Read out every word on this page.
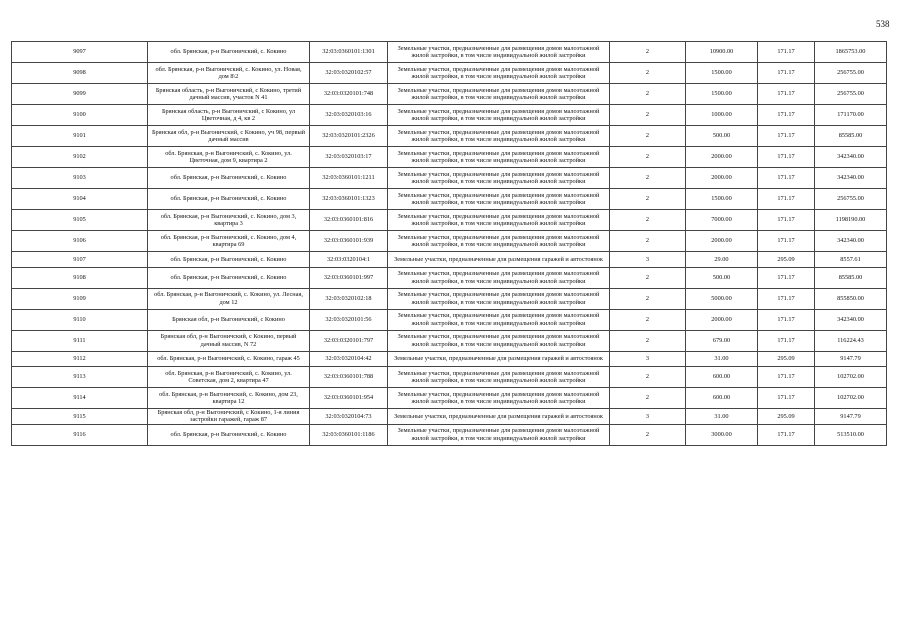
538
9097	обл. Брянская, р-н Выгоничский, с. Кокино	32:03:0360101:1301	Земельные участки, предназначенные для размещения домов малоэтажной жилой застройки, в том числе индивидуальной жилой застройки	2	10900.00	171.17	1865753.00
9098	обл. Брянская, р-н Выгоничский, с. Кокино, ул. Новая, дом 8\2	32:03:0320102:57	Земельные участки, предназначенные для размещения домов малоэтажной жилой застройки, в том числе индивидуальной жилой застройки	2	1500.00	171.17	256755.00
9099	Брянская область, р-н Выгоничский, с Кокино, третий дачный массив, участок N 41	32:03:0320101:748	Земельные участки, предназначенные для размещения домов малоэтажной жилой застройки, в том числе индивидуальной жилой застройки	2	1500.00	171.17	256755.00
9100	Брянская область, р-н Выгоничский, с Кокино, ул Цветочная, д 4, кв 2	32:03:0320103:16	Земельные участки, предназначенные для размещения домов малоэтажной жилой застройки, в том числе индивидуальной жилой застройки	2	1000.00	171.17	171170.00
9101	Брянская обл, р-н Выгоничский, с Кокино, уч 98, первый дачный массив	32:03:0320101:2326	Земельные участки, предназначенные для размещения домов малоэтажной жилой застройки, в том числе индивидуальной жилой застройки	2	500.00	171.17	85585.00
9102	обл. Брянская, р-н Выгоничский, с. Кокино, ул. Цветочная, дом 9, квартира 2	32:03:0320103:17	Земельные участки, предназначенные для размещения домов малоэтажной жилой застройки, в том числе индивидуальной жилой застройки	2	2000.00	171.17	342340.00
9103	обл. Брянская, р-н Выгоничский, с. Кокино	32:03:0360101:1211	Земельные участки, предназначенные для размещения домов малоэтажной жилой застройки, в том числе индивидуальной жилой застройки	2	2000.00	171.17	342340.00
9104	обл. Брянская, р-н Выгоничский, с. Кокино	32:03:0360101:1323	Земельные участки, предназначенные для размещения домов малоэтажной жилой застройки, в том числе индивидуальной жилой застройки	2	1500.00	171.17	256755.00
9105	обл. Брянская, р-н Выгоничский, с. Кокино, дом 3, квартира 3	32:03:0360101:816	Земельные участки, предназначенные для размещения домов малоэтажной жилой застройки, в том числе индивидуальной жилой застройки	2	7000.00	171.17	1198190.00
9106	обл. Брянская, р-н Выгоничский, с. Кокино, дом 4, квартира 69	32:03:0360101:939	Земельные участки, предназначенные для размещения домов малоэтажной жилой застройки, в том числе индивидуальной жилой застройки	2	2000.00	171.17	342340.00
9107	обл. Брянская, р-н Выгоничский, с. Кокино	32:03:0320104:1	Земельные участки, предназначенные для размещения гаражей и автостоянок	3	29.00	295.09	8557.61
9108	обл. Брянская, р-н Выгоничский, с. Кокино	32:03:0360101:997	Земельные участки, предназначенные для размещения домов малоэтажной жилой застройки, в том числе индивидуальной жилой застройки	2	500.00	171.17	85585.00
9109	обл. Брянская, р-н Выгоничский, с. Кокино, ул. Лесная, дом 12	32:03:0320102:18	Земельные участки, предназначенные для размещения домов малоэтажной жилой застройки, в том числе индивидуальной жилой застройки	2	5000.00	171.17	855850.00
9110	Брянская обл, р-н Выгоничский, с Кокино	32:03:0320101:56	Земельные участки, предназначенные для размещения домов малоэтажной жилой застройки, в том числе индивидуальной жилой застройки	2	2000.00	171.17	342340.00
9111	Брянская обл, р-н Выгоничский, с Кокино, первый дачный массив, N 72	32:03:0320101:797	Земельные участки, предназначенные для размещения домов малоэтажной жилой застройки, в том числе индивидуальной жилой застройки	2	679.00	171.17	116224.43
9112	обл. Брянская, р-н Выгоничский, с. Кокино, гараж 45	32:03:0320104:42	Земельные участки, предназначенные для размещения гаражей и автостоянок	3	31.00	295.09	9147.79
9113	обл. Брянская, р-н Выгоничский, с. Кокино, ул. Советская, дом 2, квартира 47	32:03:0360101:788	Земельные участки, предназначенные для размещения домов малоэтажной жилой застройки, в том числе индивидуальной жилой застройки	2	600.00	171.17	102702.00
9114	обл. Брянская, р-н Выгоничский, с. Кокино, дом 23, квартира 12	32:03:0360101:954	Земельные участки, предназначенные для размещения домов малоэтажной жилой застройки, в том числе индивидуальной жилой застройки	2	600.00	171.17	102702.00
9115	Брянская обл, р-н Выгоничский, с Кокино, 1-я линия застройки гаражей, гараж 87	32:03:0320104:73	Земельные участки, предназначенные для размещения гаражей и автостоянок	3	31.00	295.09	9147.79
9116	обл. Брянская, р-н Выгоничский, с. Кокино	32:03:0360101:1186	Земельные участки, предназначенные для размещения домов малоэтажной жилой застройки, в том числе индивидуальной жилой застройки	2	3000.00	171.17	513510.00
